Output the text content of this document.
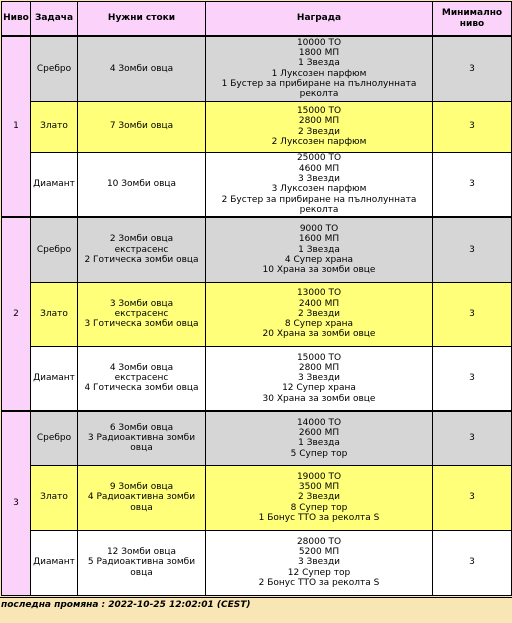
Ниво	Задача	Нужни стоки	Награда	Минимално ниво
1	Сребро	4 Зомби овца	10000 ТО
1800 МП
1 Звезда
1 Луксозен парфюм
1 Бустер за прибиране на пълнолунната реколта	3
	Злато	7 Зомби овца	15000 ТО
2800 МП
2 Звезди
2 Луксозен парфюм	3
	Диамант	10 Зомби овца	25000 ТО
4600 МП
3 Звезди
3 Луксозен парфюм
2 Бустер за прибиране на пълнолунната реколта	3
2	Сребро	2 Зомби овца
екстрасенс
2 Готическа зомби овца	9000 ТО
1600 МП
1 Звезда
4 Супер храна
10 Храна за зомби овце	3
	Злато	3 Зомби овца
екстрасенс
3 Готическа зомби овца	13000 ТО
2400 МП
2 Звезди
8 Супер храна
20 Храна за зомби овце	3
	Диамант	4 Зомби овца
екстрасенс
4 Готическа зомби овца	15000 ТО
2800 МП
3 Звезди
12 Супер храна
30 Храна за зомби овце	3
3	Сребро	6 Зомби овца
3 Радиоактивна зомби
овца	14000 ТО
2600 МП
1 Звезда
5 Супер тор	3
	Злато	9 Зомби овца
4 Радиоактивна зомби
овца	19000 ТО
3500 МП
2 Звезди
8 Супер тор
1 Бонус ТТО за реколта S	3
	Диамант	12 Зомби овца
5 Радиоактивна зомби
овца	28000 ТО
5200 МП
3 Звезди
12 Супер тор
2 Бонус ТТО за реколта S	3
последна промяна : 2022-10-25 12:02:01 (CEST)
